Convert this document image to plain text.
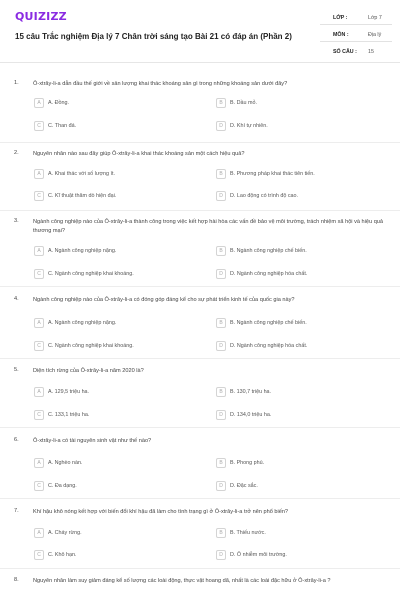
QUIZIZZ
15 câu Trắc nghiệm Địa lý 7 Chân trời sáng tạo Bài 21 có đáp án (Phần 2)
LỚP :	Lớp 7
MÔN :	Địa lý
SỐ CÂU : 15
1.	Ô-xtrây-li-a dẫn đầu thế giới về sản lượng khai thác khoáng sản gì trong những khoáng sản dưới đây?
A	A. Đồng.	B	B. Dầu mỏ.
C	C. Than đá.	D	D. Khí tự nhiên.
2.	Nguyên nhân nào sau đây giúp Ô-xtrây-li-a khai thác khoáng sản một cách hiệu quả?
A	A. Khai thác với số lượng ít.	B	B. Phương pháp khai thác tiên tiến.
C	C. Kĩ thuật thăm dò hiện đại.	D	D. Lao động có trình độ cao.
3.	Ngành công nghiệp nào của Ô-xtrây-li-a thành công trong việc kết hợp hài hòa các vấn đề bảo vệ môi trường, trách nhiệm xã hội và hiệu quả thương mại?
A	A. Ngành công nghiệp nặng.	B	B. Ngành công nghiệp chế biến.
C	C. Ngành công nghiệp khai khoáng.	D	D. Ngành công nghiệp hóa chất.
4.	Ngành công nghiệp nào của Ô-xtrây-li-a có đóng góp đáng kể cho sự phát triển kinh tế của quốc gia này?
A	A. Ngành công nghiệp nặng.	B	B. Ngành công nghiệp chế biến.
C	C. Ngành công nghiệp khai khoáng.	D	D. Ngành công nghiệp hóa chất.
5.	Diện tích rừng của Ô-xtrây-li-a năm 2020 là?
A	A. 129,5 triệu ha.	B	B. 130,7 triệu ha.
C	C. 133,1 triệu ha.	D	D. 134,0 triệu ha.
6.	Ô-xtrây-li-a có tài nguyên sinh vật như thế nào?
A	A. Nghèo nàn.	B	B. Phong phú.
C	C. Đa dạng.	D	D. Đặc sắc.
7.	Khí hậu khô nóng kết hợp với biến đổi khí hậu đã làm cho tình trạng gì ở Ô-xtrây-li-a trở nên phổ biến?
A	A. Cháy rừng.	B	B. Thiếu nước.
C	C. Khô hạn.	D	D. Ô nhiễm môi trường.
8.	Nguyên nhân làm suy giảm đáng kể số lượng các loài động, thực vật hoang dã, nhất là các loài đặc hữu ở Ô-xtrây-li-a ?
